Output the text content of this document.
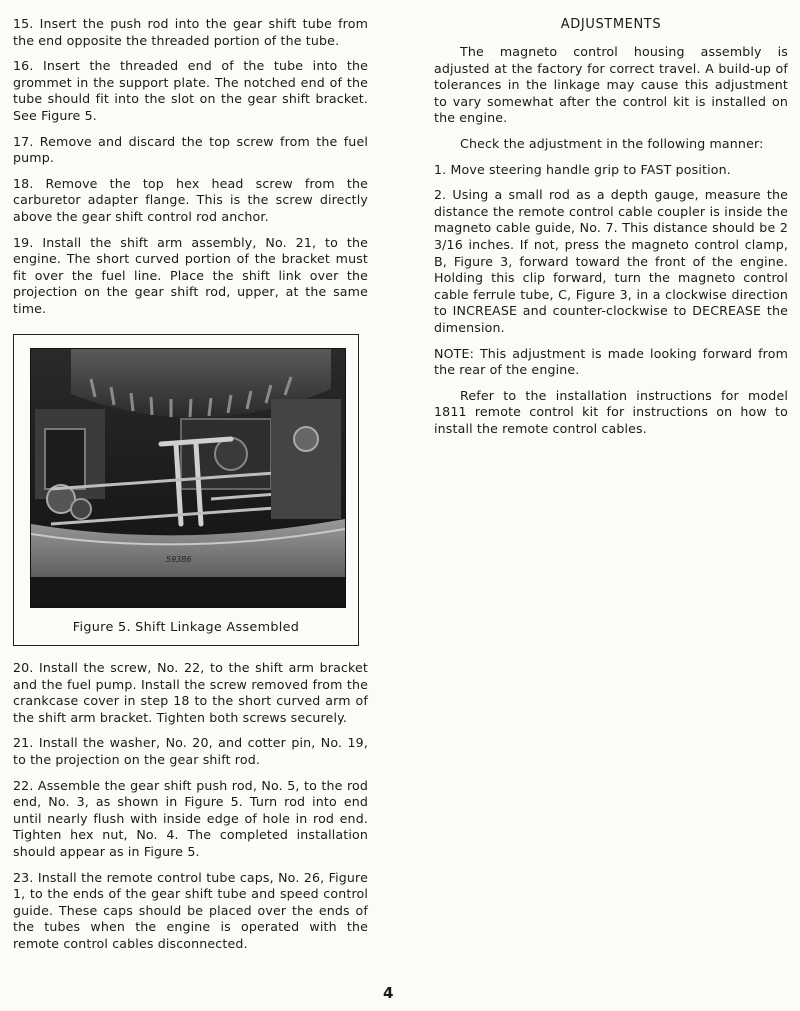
15. Insert the push rod into the gear shift tube from the end opposite the threaded portion of the tube.

16. Insert the threaded end of the tube into the grommet in the support plate. The notched end of the tube should fit into the slot on the gear shift bracket. See Figure 5.

17. Remove and discard the top screw from the fuel pump.

18. Remove the top hex head screw from the carburetor adapter flange. This is the screw directly above the gear shift control rod anchor.

19. Install the shift arm assembly, No. 21, to the engine. The short curved portion of the bracket must fit over the fuel line. Place the shift link over the projection on the gear shift rod, upper, at the same time.

59386
Figure 5. Shift Linkage Assembled

20. Install the screw, No. 22, to the shift arm bracket and the fuel pump. Install the screw removed from the crankcase cover in step 18 to the short curved arm of the shift arm bracket. Tighten both screws securely.

21. Install the washer, No. 20, and cotter pin, No. 19, to the projection on the gear shift rod.

22. Assemble the gear shift push rod, No. 5, to the rod end, No. 3, as shown in Figure 5. Turn rod into end until nearly flush with inside edge of hole in rod end. Tighten hex nut, No. 4. The completed installation should appear as in Figure 5.

23. Install the remote control tube caps, No. 26, Figure 1, to the ends of the gear shift tube and speed control guide. These caps should be placed over the ends of the tubes when the engine is operated with the remote control cables disconnected.

ADJUSTMENTS

The magneto control housing assembly is adjusted at the factory for correct travel. A build-up of tolerances in the linkage may cause this adjustment to vary somewhat after the control kit is installed on the engine.

Check the adjustment in the following manner:

1. Move steering handle grip to FAST position.

2. Using a small rod as a depth gauge, measure the distance the remote control cable coupler is inside the magneto cable guide, No. 7. This distance should be 2 3/16 inches. If not, press the magneto control clamp, B, Figure 3, forward toward the front of the engine. Holding this clip forward, turn the magneto control cable ferrule tube, C, Figure 3, in a clockwise direction to INCREASE and counter-clockwise to DECREASE the dimension.

NOTE: This adjustment is made looking forward from the rear of the engine.

Refer to the installation instructions for model 1811 remote control kit for instructions on how to install the remote control cables.

4
